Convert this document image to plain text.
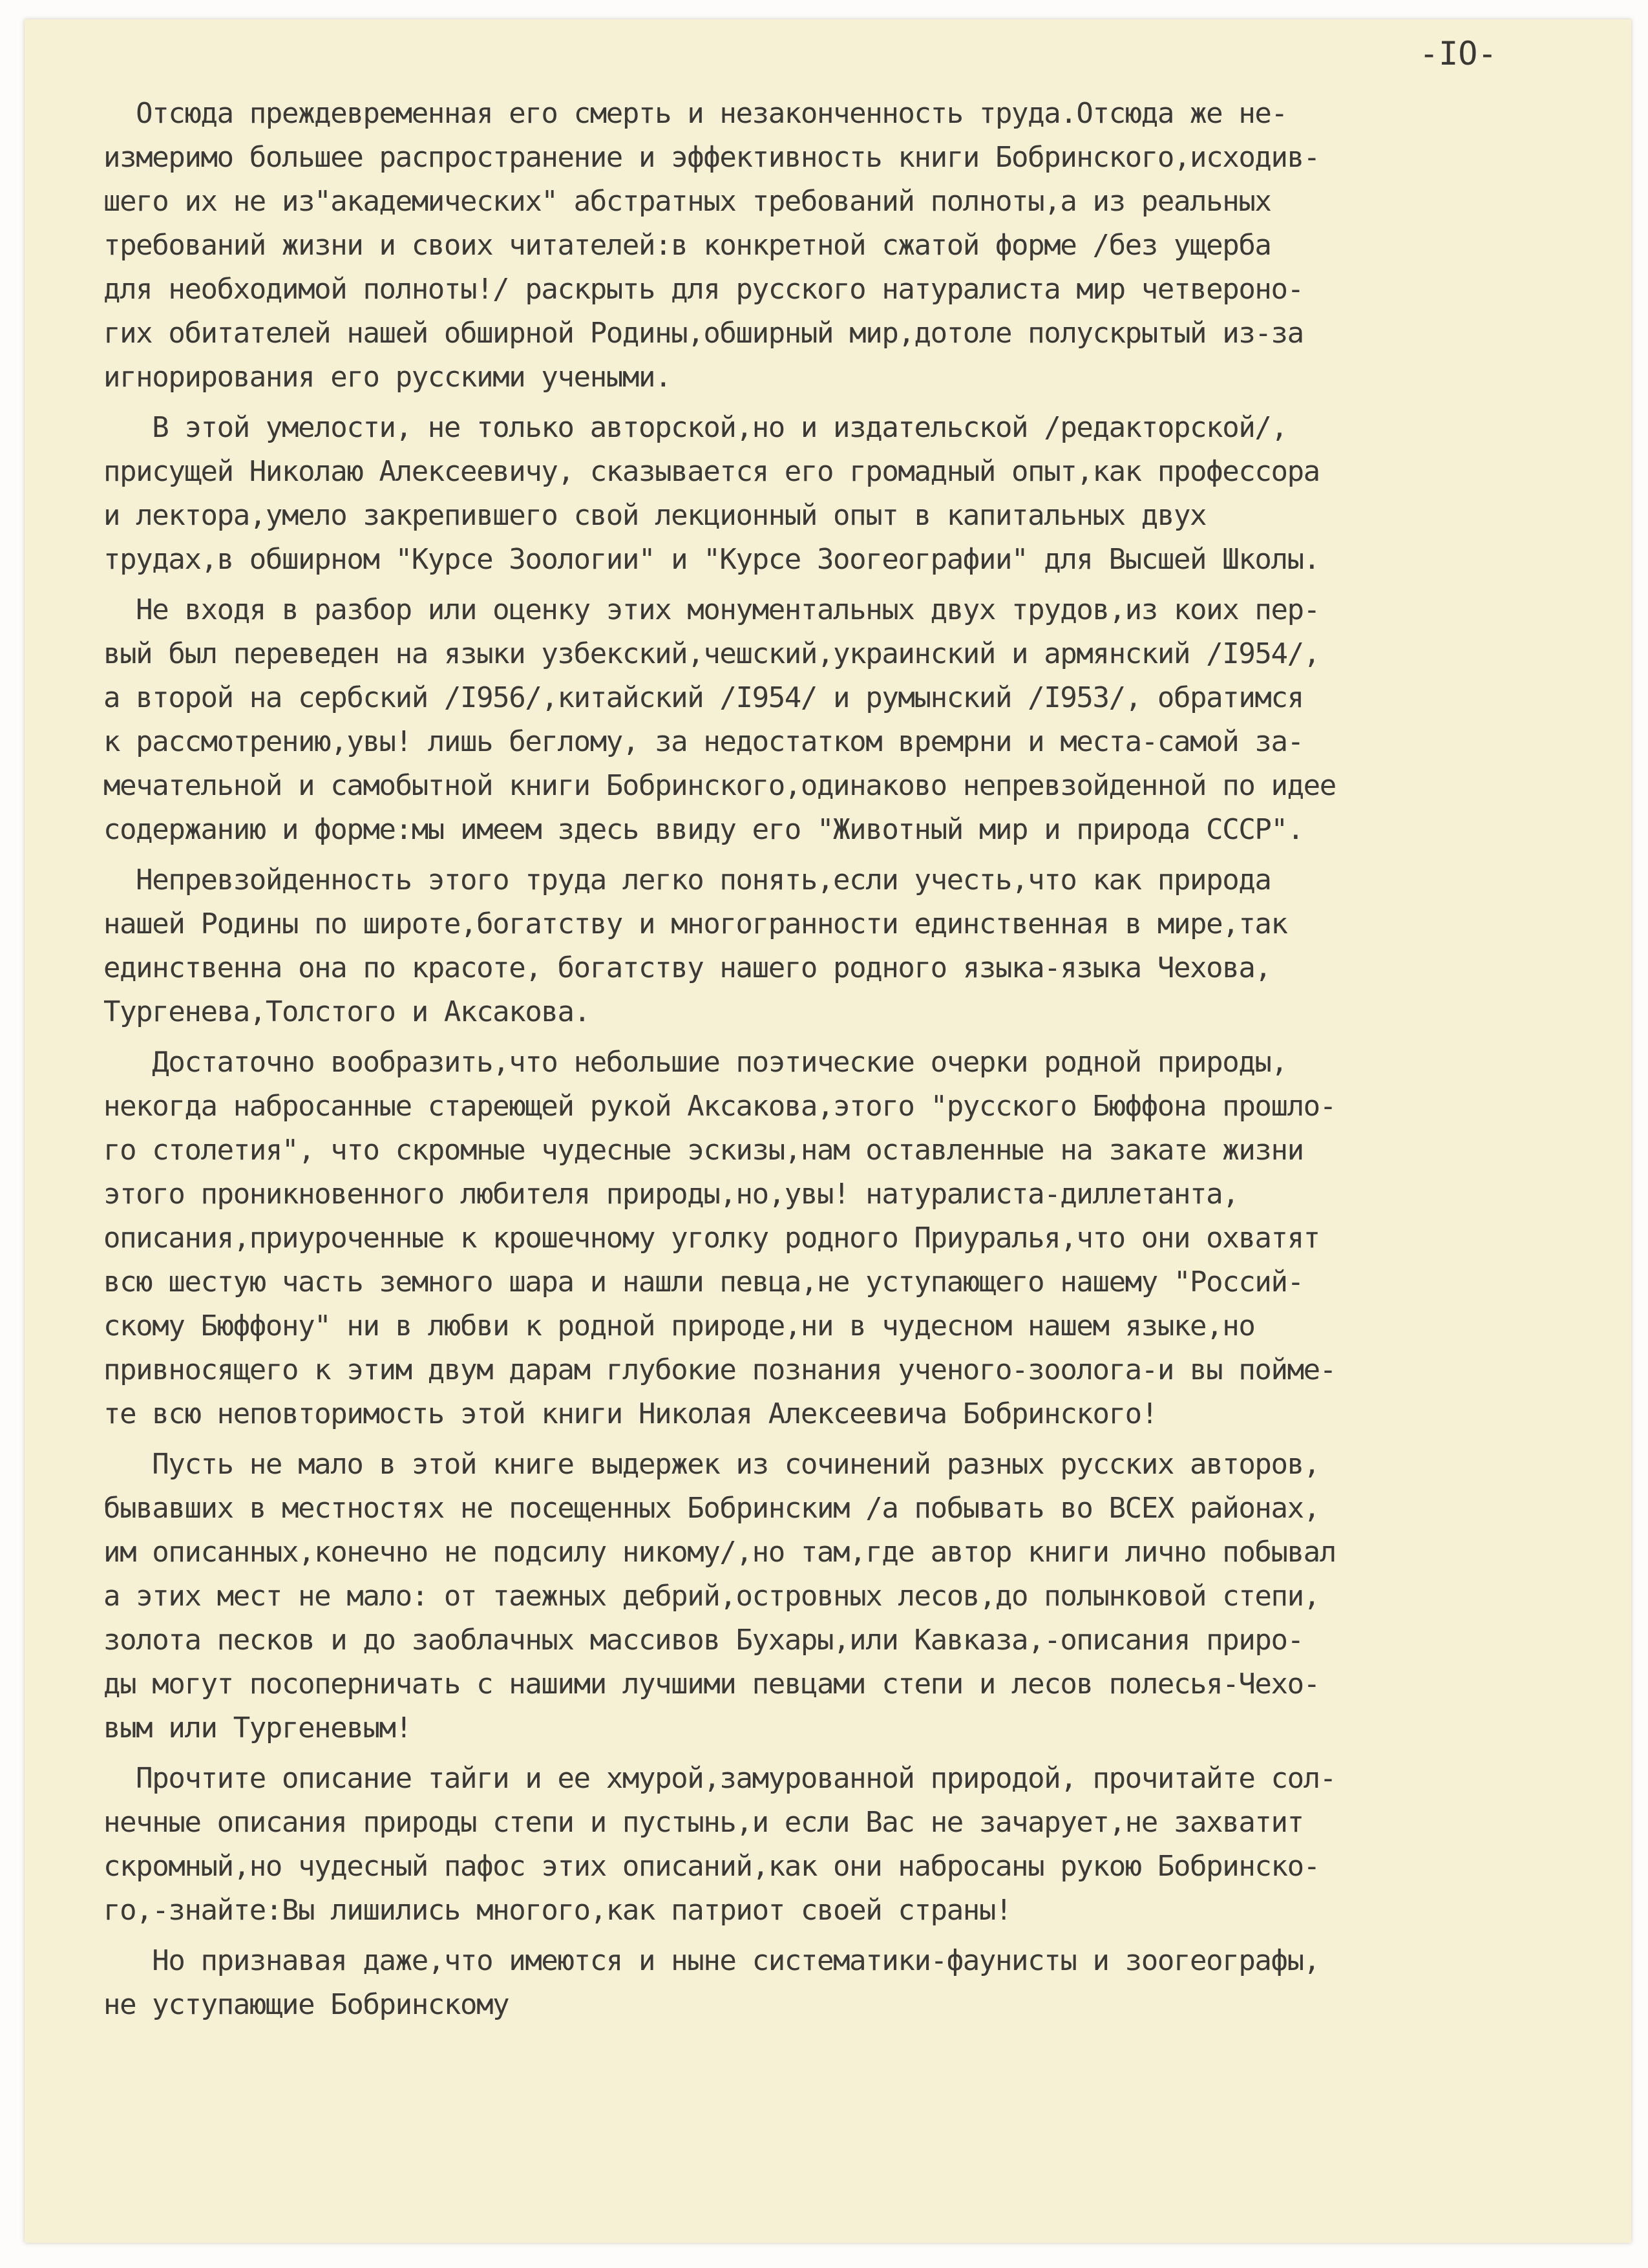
-IO-
Отсюда преждевременная его смерть и незаконченность труда.Отсюда же не-
измеримо большее распространение и эффективность книги Бобринского,исходив-
шего их не из"академических" абстратных требований полноты,а из реальных
требований жизни и своих читателей:в конкретной сжатой форме /без ущерба
для необходимой полноты!/ раскрыть для русского натуралиста мир четвероно-
гих обитателей нашей обширной Родины,обширный мир,дотоле полускрытый из-за
игнорирования его русскими учеными.
В этой умелости, не только авторской,но и издательской /редакторской/,
присущей Николаю Алексеевичу, сказывается его громадный опыт,как профессора
и лектора,умело закрепившего свой лекционный опыт в капитальных двух
трудах,в обширном "Курсе Зоологии" и "Курсе Зоогеографии" для Высшей Школы.
Не входя в разбор или оценку этих монументальных двух трудов,из коих пер-
вый был переведен на языки узбекский,чешский,украинский и армянский /I954/,
а второй на сербский /I956/,китайский /I954/ и румынский /I953/, обратимся
к рассмотрению,увы! лишь беглому, за недостатком времрни и места-самой за-
мечательной и самобытной книги Бобринского,одинаково непревзойденной по идее
содержанию и форме:мы имеем здесь ввиду его "Животный мир и природа СССР".
Непревзойденность этого труда легко понять,если учесть,что как природа
нашей Родины по широте,богатству и многогранности единственная в мире,так
единственна она по красоте, богатству нашего родного языка-языка Чехова,
Тургенева,Толстого и Аксакова.
Достаточно вообразить,что небольшие поэтические очерки родной природы,
некогда набросанные стареющей рукой Аксакова,этого "русского Бюффона прошло-
го столетия", что скромные чудесные эскизы,нам оставленные на закате жизни
этого проникновенного любителя природы,но,увы! натуралиста-диллетанта,
описания,приуроченные к крошечному уголку родного Приуралья,что они охватят
всю шестую часть земного шара и нашли певца,не уступающего нашему "Россий-
скому Бюффону" ни в любви к родной природе,ни в чудесном нашем языке,но
привносящего к этим двум дарам глубокие познания ученого-зоолога-и вы пойме-
те всю неповторимость этой книги Николая Алексеевича Бобринского!
Пусть не мало в этой книге выдержек из сочинений разных русских авторов,
бывавших в местностях не посещенных Бобринским /а побывать во ВСЕХ районах,
им описанных,конечно не подсилу никому/,но там,где автор книги лично побывал
а этих мест не мало: от таежных дебрий,островных лесов,до полынковой степи,
золота песков и до заоблачных массивов Бухары,или Кавказа,-описания приро-
ды могут посоперничать с нашими лучшими певцами степи и лесов полесья-Чехо-
вым или Тургеневым!
Прочтите описание тайги и ее хмурой,замурованной природой, прочитайте сол-
нечные описания природы степи и пустынь,и если Вас не зачарует,не захватит
скромный,но чудесный пафос этих описаний,как они набросаны рукою Бобринско-
го,-знайте:Вы лишились многого,как патриот своей страны!
Но признавая даже,что имеются и ныне систематики-фаунисты и зоогеографы,
не уступающие Бобринскому
